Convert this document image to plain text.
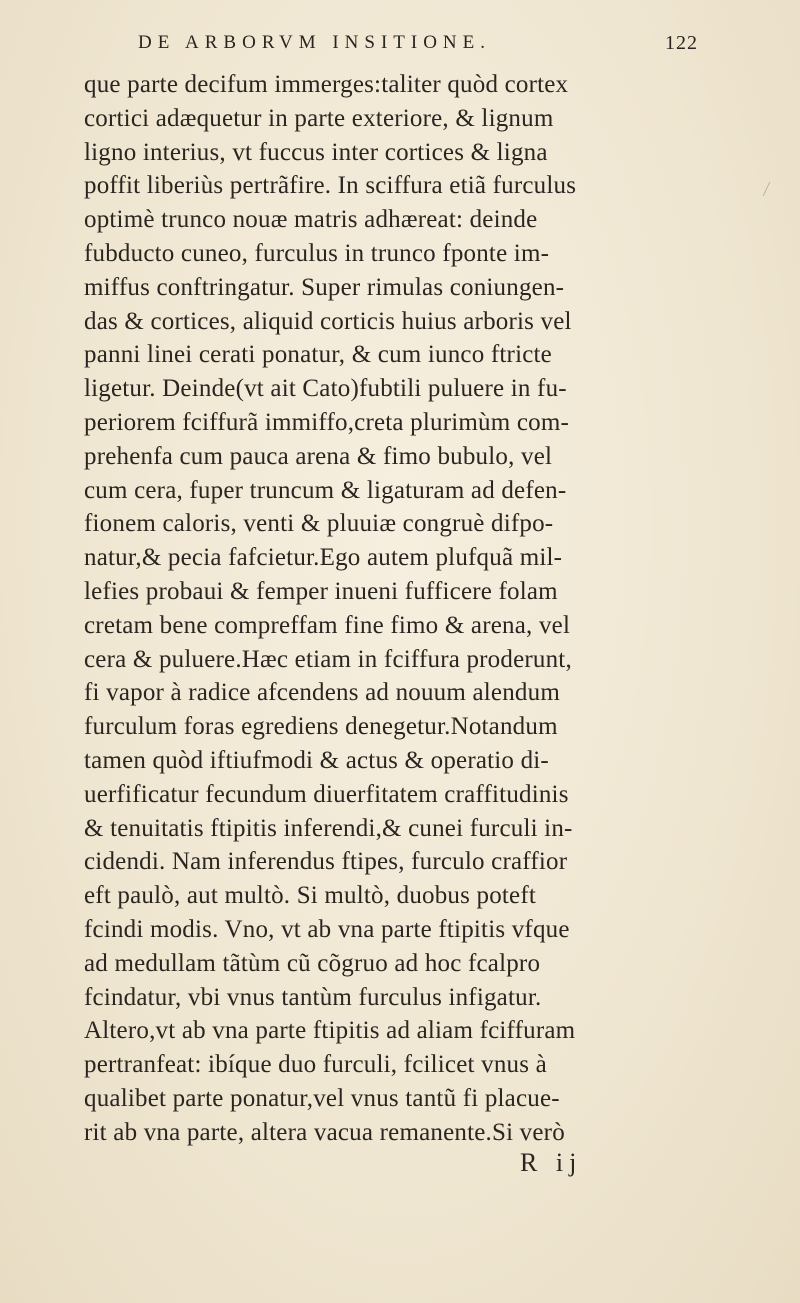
DE ARBORVM INSITIONE.	122
que parte decifum immerges:taliter quòd cortex
cortici adæquetur in parte exteriore, & lignum
ligno interius, vt fuccus inter cortices & ligna
poffit liberiùs pertrãfire. In sciffura etiã furculus
optimè trunco nouæ matris adhæreat: deinde
fubducto cuneo, furculus in trunco fponte im-
miffus conftringatur. Super rimulas coniungen-
das & cortices, aliquid corticis huius arboris vel
panni linei cerati ponatur, & cum iunco ftricte
ligetur. Deinde(vt ait Cato)fubtili puluere in fu-
periorem fciffurã immiffo,creta plurimùm com-
prehenfa cum pauca arena & fimo bubulo, vel
cum cera, fuper truncum & ligaturam ad defen-
fionem caloris, venti & pluuiæ congruè difpo-
natur,& pecia fafcietur.Ego autem plufquã mil-
lefies probaui & femper inueni fufficere folam
cretam bene compreffam fine fimo & arena, vel
cera & puluere.Hæc etiam in fciffura proderunt,
fi vapor à radice afcendens ad nouum alendum
furculum foras egrediens denegetur.Notandum
tamen quòd iftiufmodi & actus & operatio di-
uerfificatur fecundum diuerfitatem craffitudinis
& tenuitatis ftipitis inferendi,& cunei furculi in-
cidendi. Nam inferendus ftipes, furculo craffior
eft paulò, aut multò. Si multò, duobus poteft
fcindi modis. Vno, vt ab vna parte ftipitis vfque
ad medullam tãtùm cũ cõgruo ad hoc fcalpro
fcindatur, vbi vnus tantùm furculus infigatur.
Altero,vt ab vna parte ftipitis ad aliam fciffuram
pertranfeat: ibíque duo furculi, fcilicet vnus à
qualibet parte ponatur,vel vnus tantũ fi placue-
rit ab vna parte, altera vacua remanente.Si verò
R ij
